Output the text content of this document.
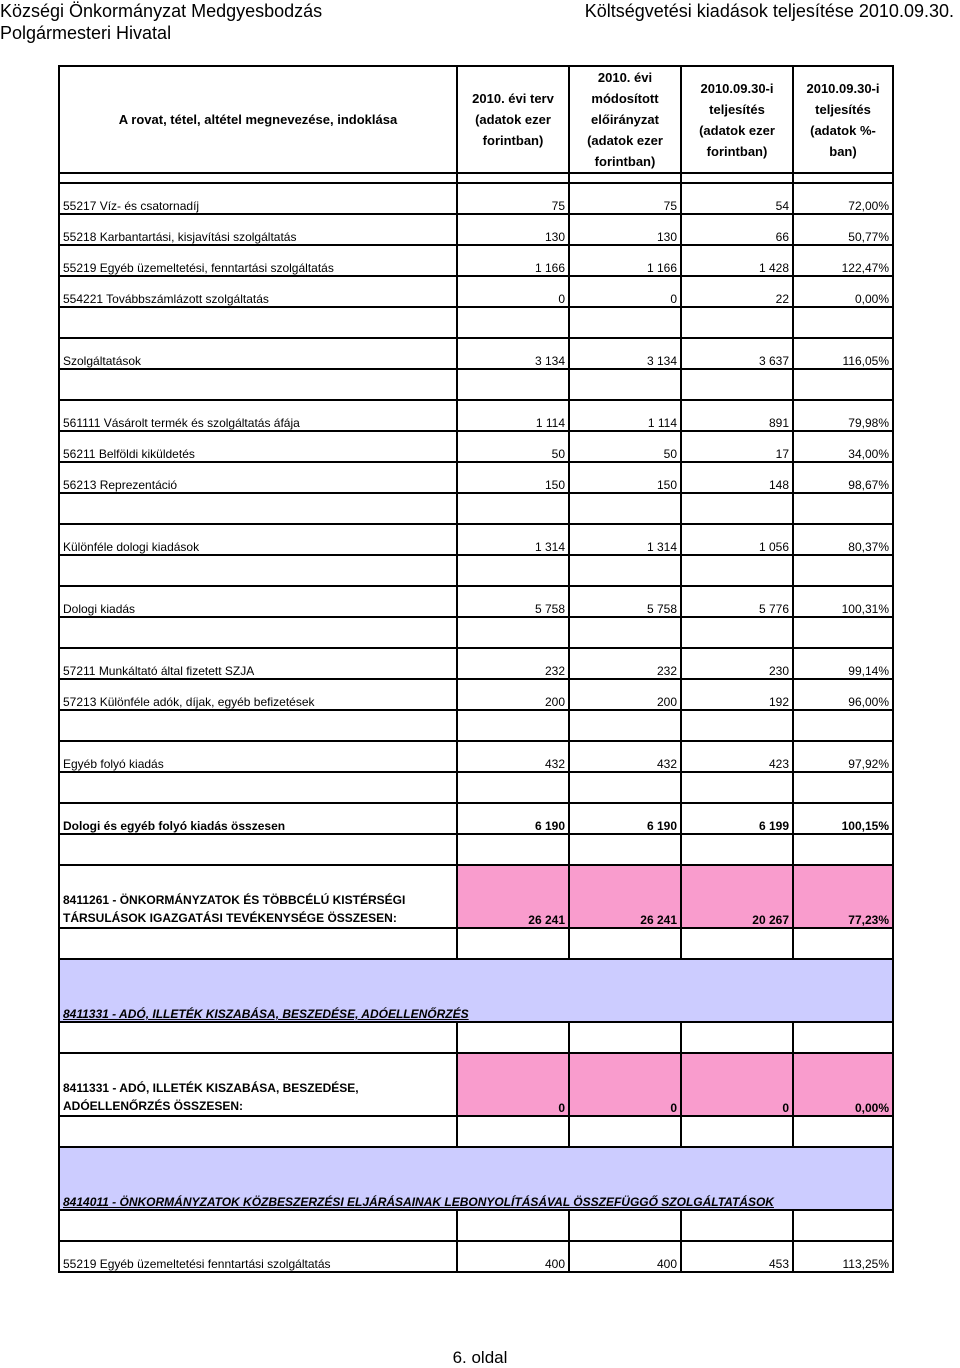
Községi Önkormányzat Medgyesbodzás
Polgármesteri Hivatal
Költségvetési kiadások teljesítése 2010.09.30.
A rovat, tétel, altétel megnevezése, indoklása	2010. évi terv (adatok ezer forintban)	2010. évi módosított előirányzat (adatok ezer forintban)	2010.09.30-i teljesítés (adatok ezer forintban)	2010.09.30-i teljesítés (adatok %-ban)

55217 Víz- és csatornadíj	75	75	54	72,00%
55218 Karbantartási, kisjavítási szolgáltatás	130	130	66	50,77%
55219 Egyéb üzemeltetési, fenntartási szolgáltatás	1 166	1 166	1 428	122,47%
554221 Továbbszámlázott szolgáltatás	0	0	22	0,00%

Szolgáltatások	3 134	3 134	3 637	116,05%

561111 Vásárolt termék és szolgáltatás áfája	1 114	1 114	891	79,98%
56211 Belföldi kiküldetés	50	50	17	34,00%
56213 Reprezentáció	150	150	148	98,67%

Különféle dologi kiadások	1 314	1 314	1 056	80,37%

Dologi kiadás	5 758	5 758	5 776	100,31%

57211 Munkáltató által fizetett SZJA	232	232	230	99,14%
57213 Különféle adók, díjak, egyéb befizetések	200	200	192	96,00%

Egyéb folyó kiadás	432	432	423	97,92%

Dologi és egyéb folyó kiadás összesen	6 190	6 190	6 199	100,15%

8411261 - ÖNKORMÁNYZATOK ÉS TÖBBCÉLÚ KISTÉRSÉGI TÁRSULÁSOK IGAZGATÁSI TEVÉKENYSÉGE ÖSSZESEN:	26 241	26 241	20 267	77,23%

8411331 - ADÓ, ILLETÉK KISZABÁSA, BESZEDÉSE, ADÓELLENŐRZÉS				

8411331 - ADÓ, ILLETÉK KISZABÁSA, BESZEDÉSE, ADÓELLENŐRZÉS ÖSSZESEN:	0	0	0	0,00%

8414011 - ÖNKORMÁNYZATOK KÖZBESZERZÉSI ELJÁRÁSAINAK LEBONYOLÍTÁSÁVAL ÖSSZEFÜGGŐ SZOLGÁLTATÁSOK				

55219 Egyéb üzemeltetési fenntartási szolgáltatás	400	400	453	113,25%
6. oldal
